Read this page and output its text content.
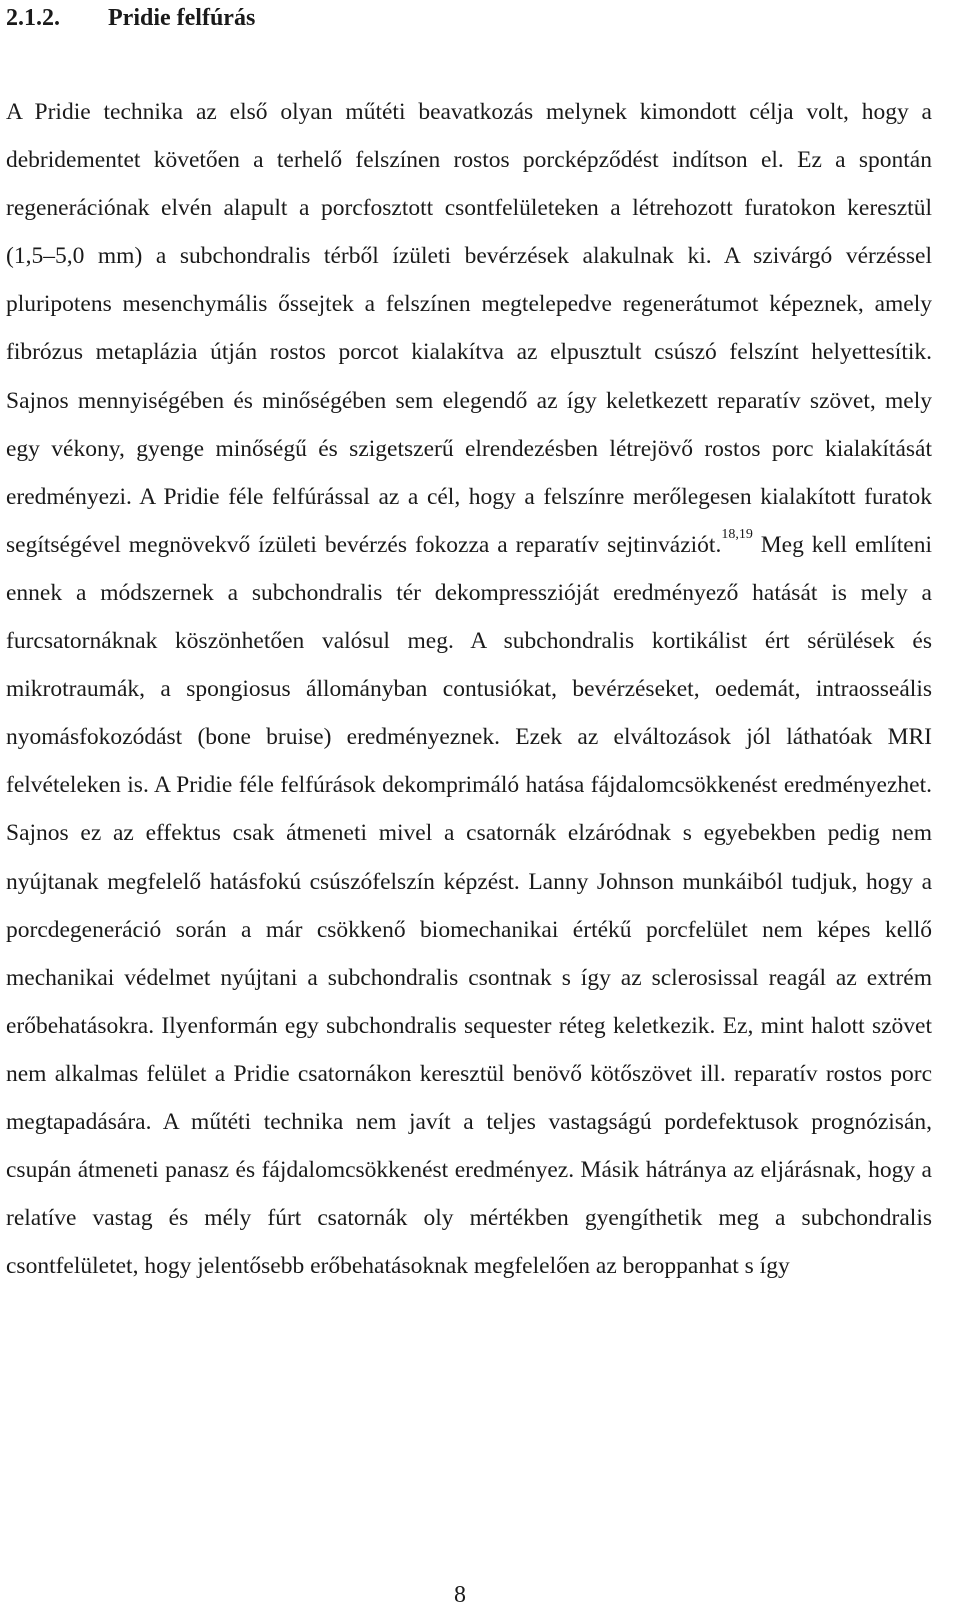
2.1.2. Pridie felfúrás

A Pridie technika az első olyan műtéti beavatkozás melynek kimondott célja volt, hogy a debridementet követően a terhelő felszínen rostos porcképződést indítson el. Ez a spontán regenerációnak elvén alapult a porcfosztott csontfelületeken a létrehozott furatokon keresztül (1,5–5,0 mm) a subchondralis térből ízületi bevérzések alakulnak ki. A szivárgó vérzéssel pluripotens mesenchymális őssejtek a felszínen megtelepedve regenerátumot képeznek, amely fibrózus metaplázia útján rostos porcot kialakítva az elpusztult csúszó felszínt helyettesítik. Sajnos mennyiségében és minőségében sem elegendő az így keletkezett reparatív szövet, mely egy vékony, gyenge minőségű és szigetszerű elrendezésben létrejövő rostos porc kialakítását eredményezi. A Pridie féle felfúrással az a cél, hogy a felszínre merőlegesen kialakított furatok segítségével megnövekvő ízületi bevérzés fokozza a reparatív sejtinváziót.$^{18,19}$ Meg kell említeni ennek a módszernek a subchondralis tér dekompresszióját eredményező hatását is mely a furcsatornáknak köszönhetően valósul meg. A subchondralis kortikálist ért sérülések és mikrotraumák, a spongiosus állományban contusiókat, bevérzéseket, oedemát, intraosseális nyomásfokozódást (bone bruise) eredményeznek. Ezek az elváltozások jól láthatóak MRI felvételeken is. A Pridie féle felfúrások dekomprimáló hatása fájdalomcsökkenést eredményezhet. Sajnos ez az effektus csak átmeneti mivel a csatornák elzáródnak s egyebekben pedig nem nyújtanak megfelelő hatásfokú csúszófelszín képzést. Lanny Johnson munkáiból tudjuk, hogy a porcdegeneráció során a már csökkenő biomechanikai értékű porcfelület nem képes kellő mechanikai védelmet nyújtani a subchondralis csontnak s így az sclerosissal reagál az extrém erőbehatásokra. Ilyenformán egy subchondralis sequester réteg keletkezik. Ez, mint halott szövet nem alkalmas felület a Pridie csatornákon keresztül benövő kötőszövet ill. reparatív rostos porc megtapadására. A műtéti technika nem javít a teljes vastagságú pordefektusok prognózisán, csupán átmeneti panasz és fájdalomcsökkenést eredményez. Másik hátránya az eljárásnak, hogy a relatíve vastag és mély fúrt csatornák oly mértékben gyengíthetik meg a subchondralis csontfelületet, hogy jelentősebb erőbehatásoknak megfelelően az beroppanhat s így

8
